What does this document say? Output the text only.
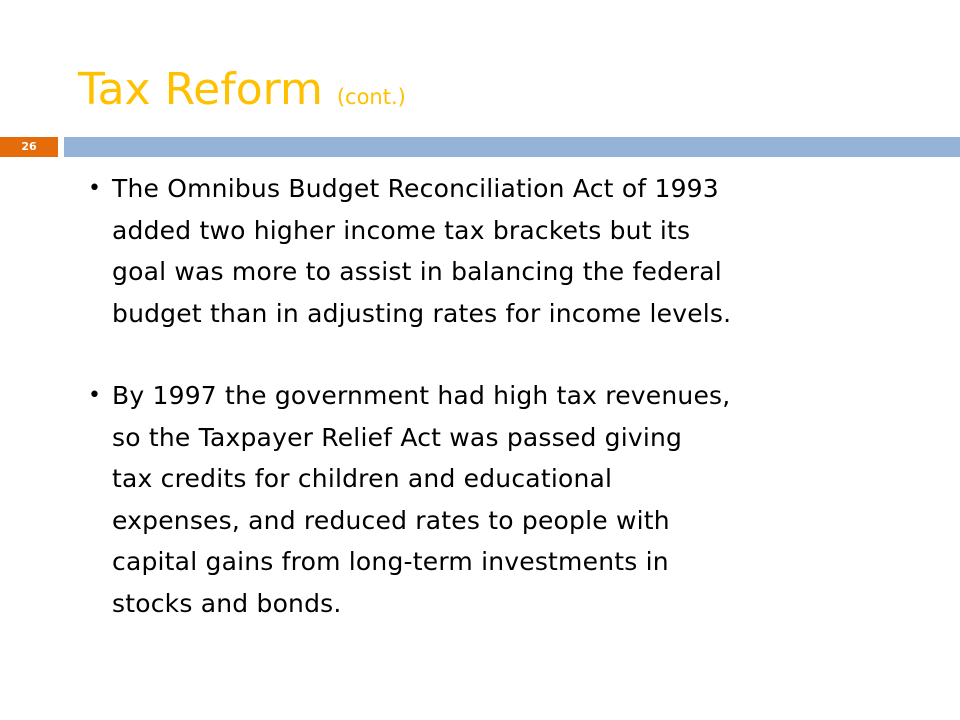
Tax Reform (cont.)
26
• The Omnibus Budget Reconciliation Act of 1993
added two higher income tax brackets but its
goal was more to assist in balancing the federal
budget than in adjusting rates for income levels.
• By 1997 the government had high tax revenues,
so the Taxpayer Relief Act was passed giving
tax credits for children and educational
expenses, and reduced rates to people with
capital gains from long-term investments in
stocks and bonds.
